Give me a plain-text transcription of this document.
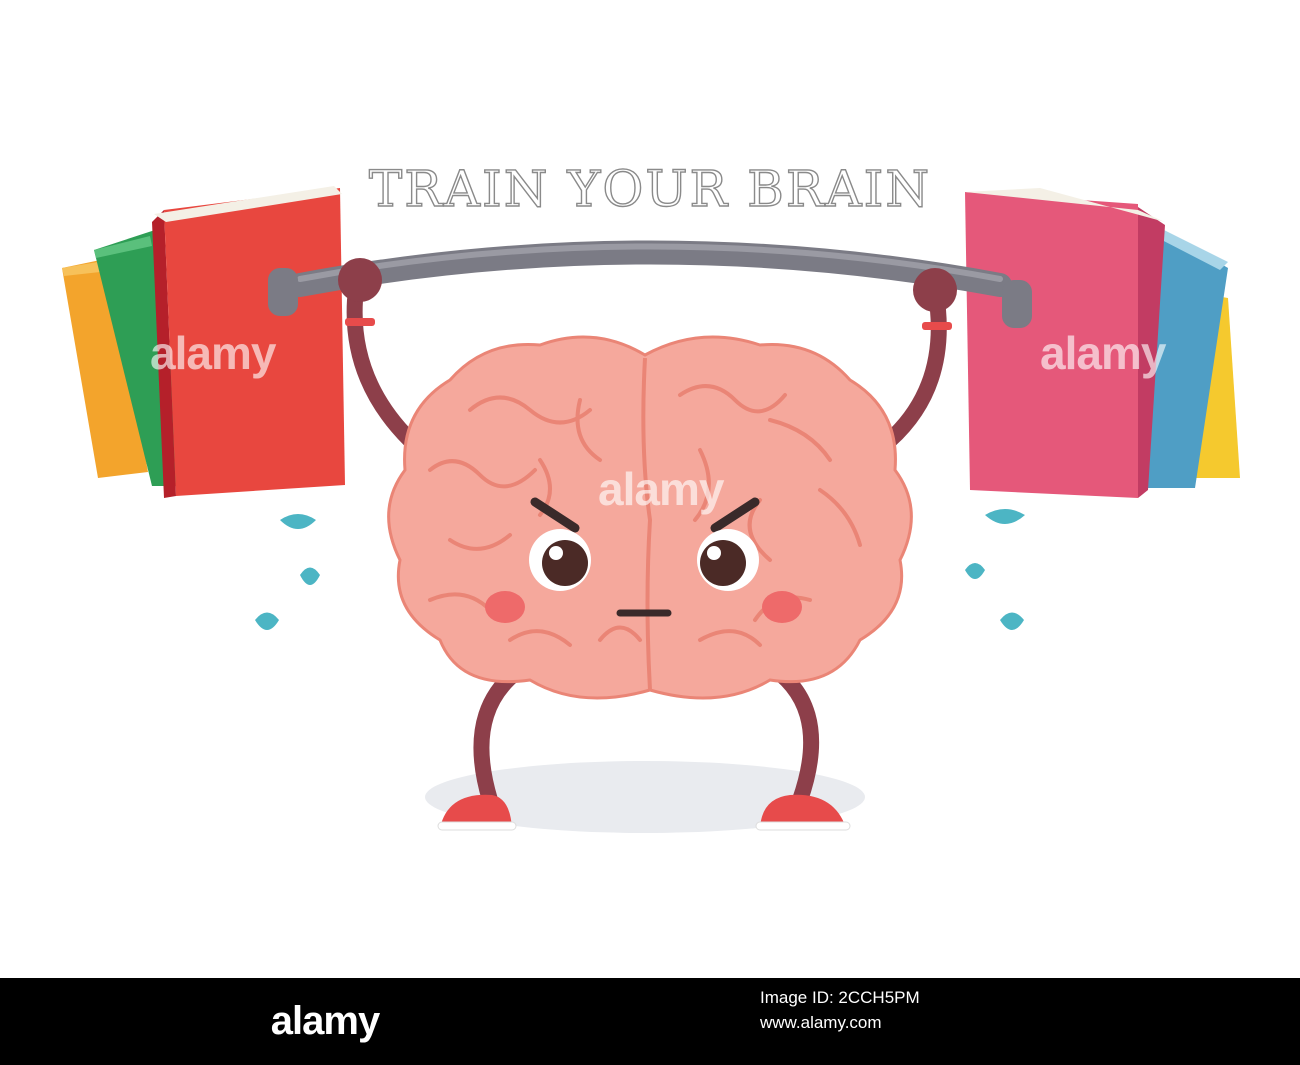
TRAIN YOUR BRAIN
alamy	alamy
alamy
alamy
Image ID: 2CCH5PM
www.alamy.com
